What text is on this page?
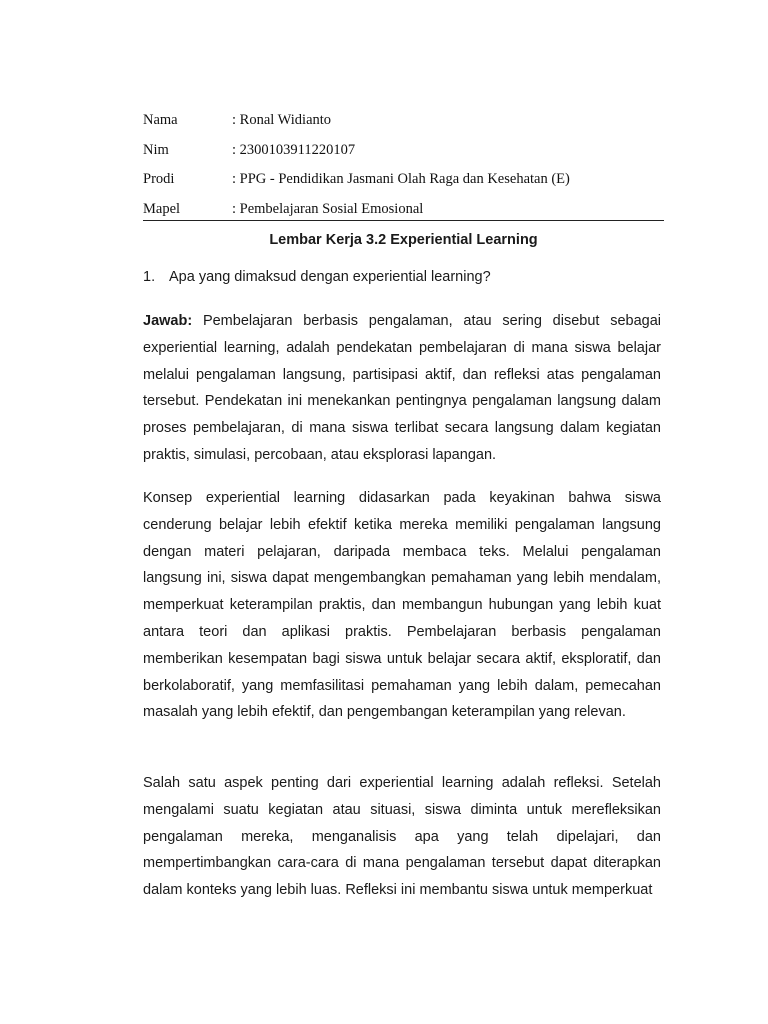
Nama	: Ronal Widianto
Nim	: 2300103911220107
Prodi	: PPG - Pendidikan Jasmani Olah Raga dan Kesehatan (E)
Mapel	: Pembelajaran Sosial Emosional
Lembar Kerja 3.2 Experiential Learning
1. Apa yang dimaksud dengan experiential learning?

Jawab: Pembelajaran berbasis pengalaman, atau sering disebut sebagai experiential learning, adalah pendekatan pembelajaran di mana siswa belajar melalui pengalaman langsung, partisipasi aktif, dan refleksi atas pengalaman tersebut. Pendekatan ini menekankan pentingnya pengalaman langsung dalam proses pembelajaran, di mana siswa terlibat secara langsung dalam kegiatan praktis, simulasi, percobaan, atau eksplorasi lapangan.

Konsep experiential learning didasarkan pada keyakinan bahwa siswa cenderung belajar lebih efektif ketika mereka memiliki pengalaman langsung dengan materi pelajaran, daripada membaca teks. Melalui pengalaman langsung ini, siswa dapat mengembangkan pemahaman yang lebih mendalam, memperkuat keterampilan praktis, dan membangun hubungan yang lebih kuat antara teori dan aplikasi praktis. Pembelajaran berbasis pengalaman memberikan kesempatan bagi siswa untuk belajar secara aktif, eksploratif, dan berkolaboratif, yang memfasilitasi pemahaman yang lebih dalam, pemecahan masalah yang lebih efektif, dan pengembangan keterampilan yang relevan.

Salah satu aspek penting dari experiential learning adalah refleksi. Setelah mengalami suatu kegiatan atau situasi, siswa diminta untuk merefleksikan pengalaman mereka, menganalisis apa yang telah dipelajari, dan mempertimbangkan cara-cara di mana pengalaman tersebut dapat diterapkan dalam konteks yang lebih luas. Refleksi ini membantu siswa untuk memperkuat
